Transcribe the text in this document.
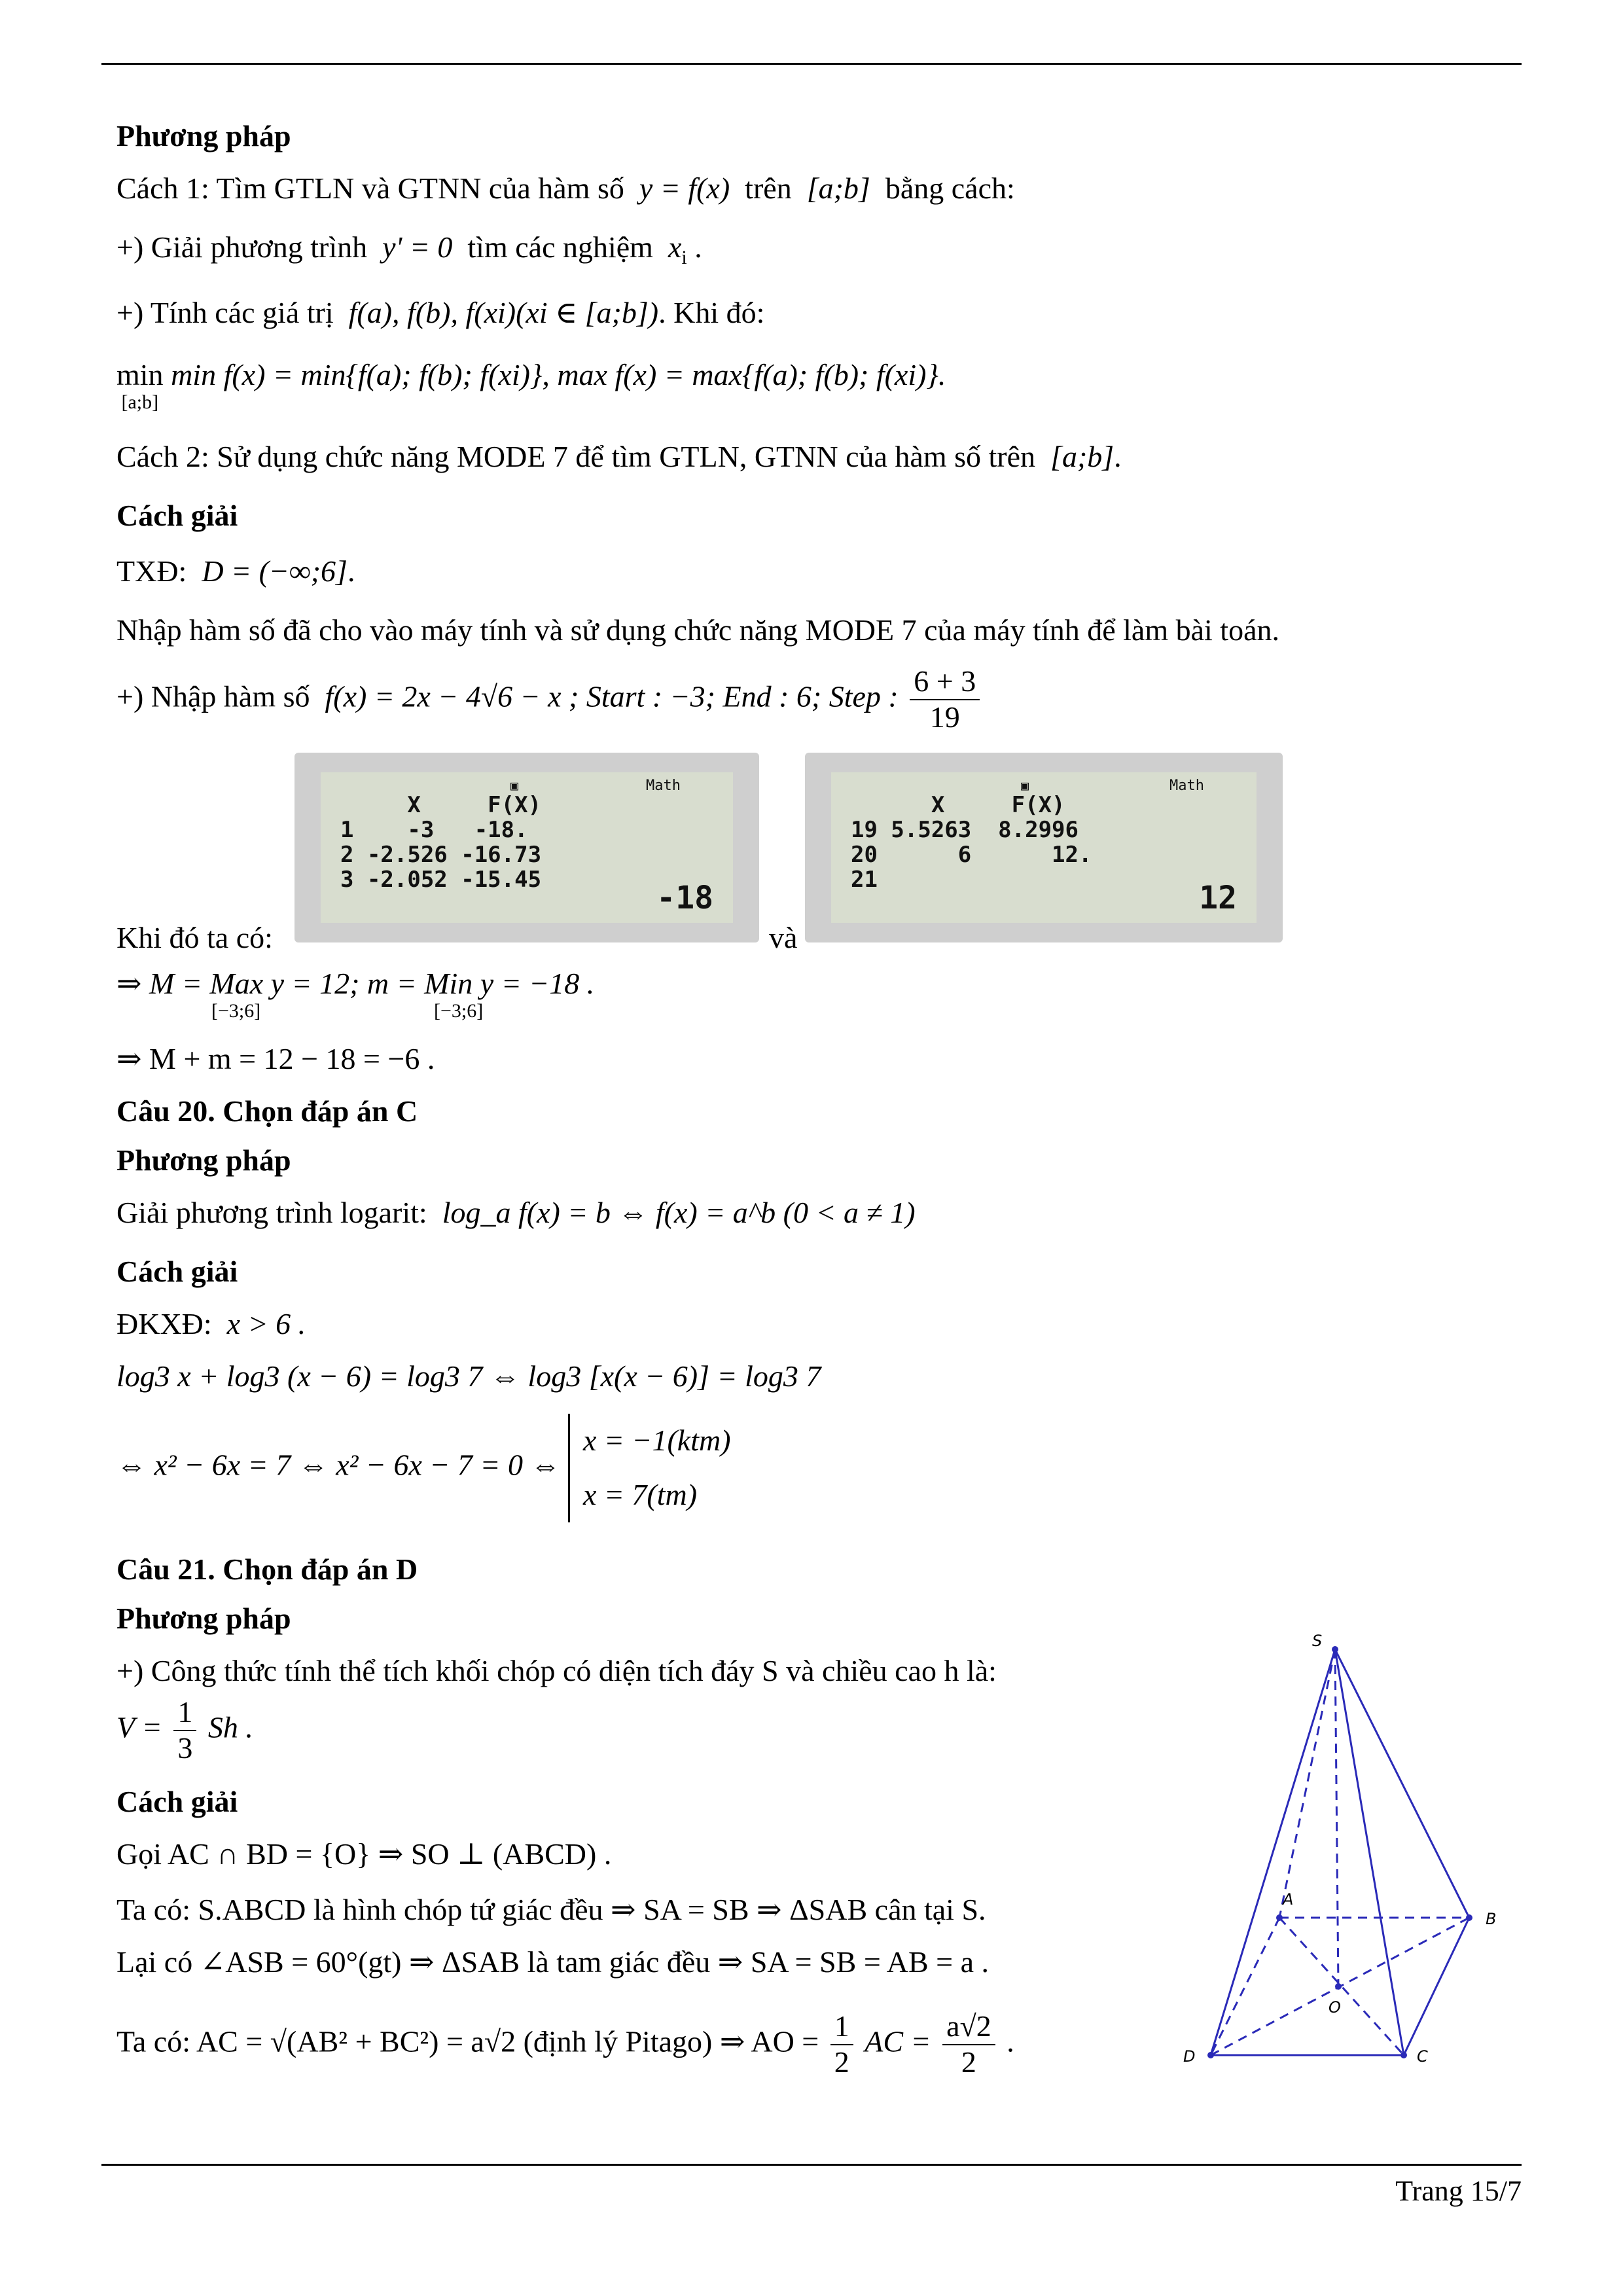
Phương pháp
Cách 1: Tìm GTLN và GTNN của hàm số y = f(x) trên [a;b] bằng cách:
+) Giải phương trình y' = 0 tìm các nghiệm $x_i$ .
+) Tính các giá trị f(a), f(b), f(xi)(xi ∈ [a;b]). Khi đó:
min
[a;b]
min f(x) = min{f(a); f(b); f(xi)}, max f(x) = max{f(a); f(b); f(xi)}.
Cách 2: Sử dụng chức năng MODE 7 để tìm GTLN, GTNN của hàm số trên [a;b].
Cách giải
TXĐ: D = (−∞;6].
Nhập hàm số đã cho vào máy tính và sử dụng chức năng MODE 7 của máy tính để làm bài toán.
+) Nhập hàm số f(x) = 2x − 4√6 − x ; Start : −3; End : 6; Step : $\frac{6 + 3}{19}$
Khi đó ta có:	và
⇒ M = Max y = 12; m = Min y = −18 .
[−3;6]	[−3;6]
⇒ M + m = 12 − 18 = −6 .
Câu 20. Chọn đáp án C
Phương pháp
Giải phương trình logarit: log_a f(x) = b ⇔ f(x) = a^b (0 < a ≠ 1)
Cách giải
ĐKXĐ: x > 6 .
log3 x + log3 (x − 6) = log3 7 ⇔ log3 [x(x − 6)] = log3 7
⇔ x² − 6x = 7 ⇔ x² − 6x − 7 = 0 ⇔
x = −1(ktm)
x = 7(tm)
Câu 21. Chọn đáp án D
Phương pháp
+) Công thức tính thể tích khối chóp có diện tích đáy S và chiều cao h là:
$V = \frac{1}{3}$ Sh .
Cách giải
Gọi AC ∩ BD = {O} ⇒ SO ⊥ (ABCD) .
Ta có: S.ABCD là hình chóp tứ giác đều ⇒ SA = SB ⇒ ΔSAB cân tại S.
Lại có ∠ASB = 60°(gt) ⇒ ΔSAB là tam giác đều ⇒ SA = SB = AB = a .
Ta có: AC = √(AB² + BC²) = a√2 (định lý Pitago) ⇒ AO = $\frac{1}{2}$ AC = $\frac{a√2}{2}$ .
▣	Math
X     F(X)
1    -3   -18.
2 -2.526 -16.73
3 -2.052 -15.45	-18
▣	Math
X     F(X)
19 5.5263  8.2996
20      6      12.
21	12
S
A
B
C
D
O
Trang 15/7
